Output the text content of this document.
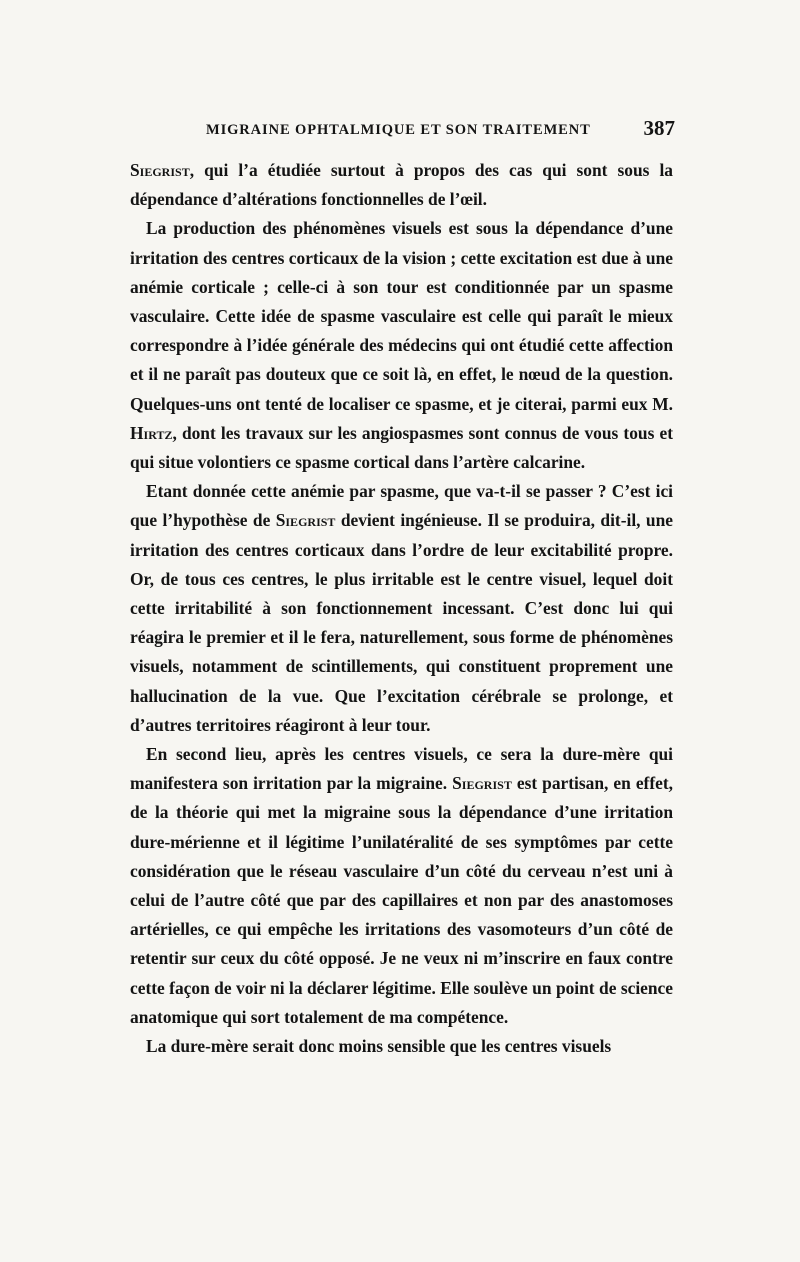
MIGRAINE OPHTALMIQUE ET SON TRAITEMENT	387

Siegrist, qui l’a étudiée surtout à propos des cas qui sont sous la dépendance d’altérations fonctionnelles de l’œil.

La production des phénomènes visuels est sous la dépendance d’une irritation des centres corticaux de la vision ; cette excitation est due à une anémie corticale ; celle-ci à son tour est conditionnée par un spasme vasculaire. Cette idée de spasme vasculaire est celle qui paraît le mieux correspondre à l’idée générale des médecins qui ont étudié cette affection et il ne paraît pas douteux que ce soit là, en effet, le nœud de la question. Quelques-uns ont tenté de localiser ce spasme, et je citerai, parmi eux M. Hirtz, dont les travaux sur les angiospasmes sont connus de vous tous et qui situe volontiers ce spasme cortical dans l’artère calcarine.

Etant donnée cette anémie par spasme, que va-t-il se passer ? C’est ici que l’hypothèse de Siegrist devient ingénieuse. Il se produira, dit-il, une irritation des centres corticaux dans l’ordre de leur excitabilité propre. Or, de tous ces centres, le plus irritable est le centre visuel, lequel doit cette irritabilité à son fonctionnement incessant. C’est donc lui qui réagira le premier et il le fera, naturellement, sous forme de phénomènes visuels, notamment de scintillements, qui constituent proprement une hallucination de la vue. Que l’excitation cérébrale se prolonge, et d’autres territoires réagiront à leur tour.

En second lieu, après les centres visuels, ce sera la dure-mère qui manifestera son irritation par la migraine. Siegrist est partisan, en effet, de la théorie qui met la migraine sous la dépendance d’une irritation dure-mérienne et il légitime l’unilatéralité de ses symptômes par cette considération que le réseau vasculaire d’un côté du cerveau n’est uni à celui de l’autre côté que par des capillaires et non par des anastomoses artérielles, ce qui empêche les irritations des vasomoteurs d’un côté de retentir sur ceux du côté opposé. Je ne veux ni m’inscrire en faux contre cette façon de voir ni la déclarer légitime. Elle soulève un point de science anatomique qui sort totalement de ma compétence.

La dure-mère serait donc moins sensible que les centres visuels
